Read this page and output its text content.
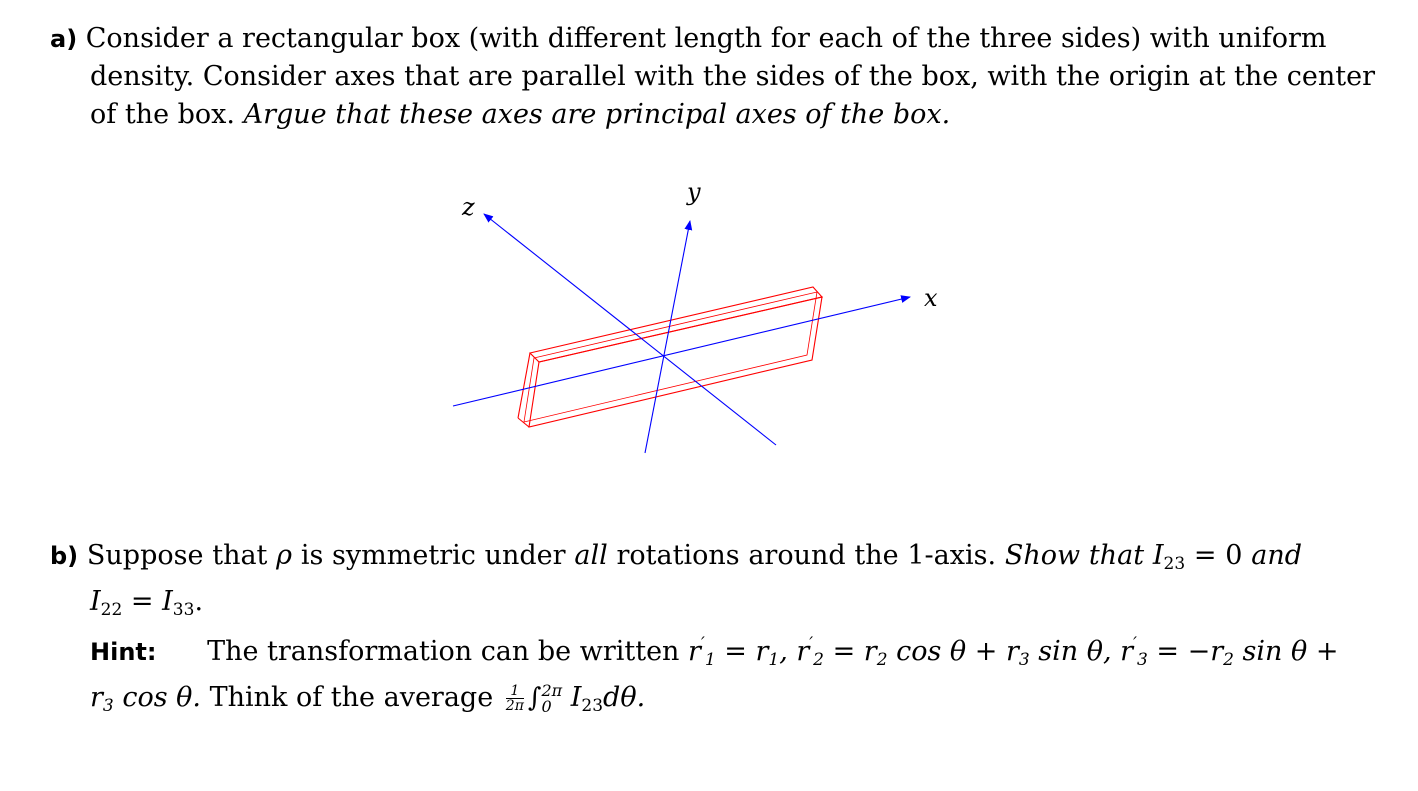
a) Consider a rectangular box (with different length for each of the three sides) with uniform
density. Consider axes that are parallel with the sides of the box, with the origin at the center
of the box. Argue that these axes are principal axes of the box.
z
y
x
b) Suppose that ρ is symmetric under all rotations around the 1-axis. Show that $I_{23} = 0$ and
$I_{22} = I_{33}$.
Hint: The transformation can be written $r'_1 = r_1$, $r'_2 = r_2$ $\cos \theta + r_3$ sin θ, $r'_3 = -r_2$ sin θ +
$r_3$ cos θ. Think of the average $\frac{1}{2\pi}$ ∫ 2π
0 $I_{23}d\theta$.
